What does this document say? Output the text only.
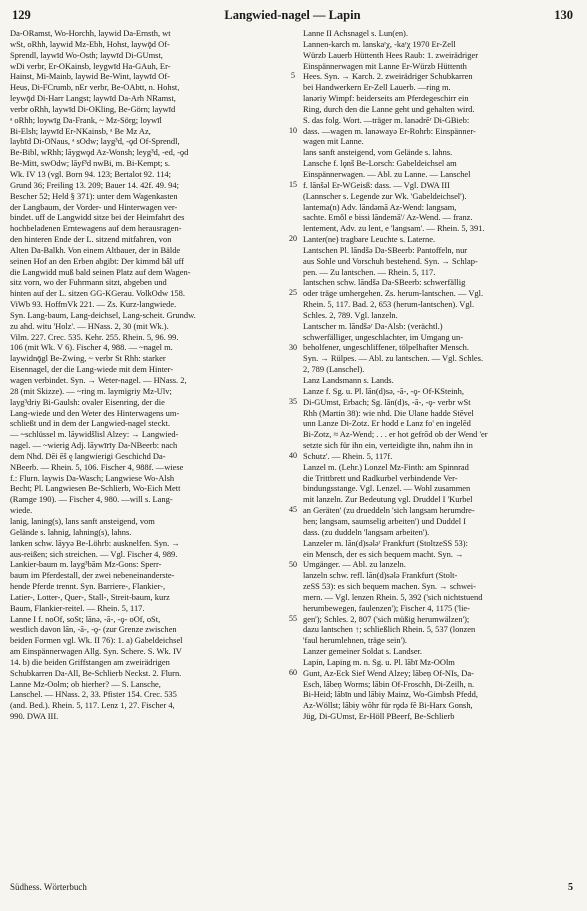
129	Langwied-nagel — Lapin	130
Da-ORamst, Wo-Horchh, laywid Da-Ernsth, wt
wSt, oRhh, laywid Mz-Ebh, Hohst, laywǭd Of-
Sprendl, laywīd Wo-Osth; laywīd Di-GUmst,
wDi verbr, Er-OKainsb, leygwīd Ha-GAuh, Er-
Hainst, Mi-Mainb, laywid Be-Wint, laywīd Of-
Heus, Di-FCrumb, nEr verbr, Be-OAbtt, n. Hohst,
leywǭd Di-Harr Langst; laywīd Da-Arh NRamst,
verbr oRhh, laywīd Di-OKling, Be-Görn; laywīd
ᵃ oRhh; loywīg Da-Frank, ~ Mz-Sörg; loywīl
Bi-Elsh; laywīd Er-NKainsb, ᵃ Be Mz Az,
laybīd Di-ONaus, ᵃ sOdw; layg³d, -ǫd Of-Sprendl,
Be-Bibl, wRhh; lāygwǫd Az-Wonsh; leyg³d, -ed, -ǫd
Be-Mitt, swOdw; lāyf³d nwBi, m. Bi-Kempt; s.
Wk. IV 13 (vgl. Born 94. 123; Bertalot 92. 114;
Grund 36; Freiling 13. 209; Bauer 14. 42f. 49. 94;
Bescher 52; Held § 371): unter dem Wagenkasten
der Langbaum, der Vorder- und Hinterwagen ver-
bindet. uff de Langwidd sitze bei der Heimfahrt des
hochbeladenen Erntewagens auf dem herausragen-
den hinteren Ende der L. sitzend mitfahren, von
Alten Da-Balkh. Von einem Altbauer, der in Bälde
seinen Hof an den Erben abgibt: Der kimmd bâl uff
die Langwidd muß bald seinen Platz auf dem Wagen-
sitz vorn, wo der Fuhrmann sitzt, abgeben und
hinten auf der L. sitzen GG-KGerau. VolkOdw 158.
ViWb 93. HoffmVk 221. — Zs. Kurz-langwiede.
Syn. Lang-baum, Lang-deichsel, Lang-scheit. Grundw.
zu ahd. witu 'Holz'. — HNass. 2, 30 (mit Wk.).
Vilm. 227. Crec. 535. Kehr. 255. Rhein. 5, 96. 99.
106 (mit Wk. V 6). Fischer 4, 988. — ~nagel m.
laywidnǭgl Be-Zwing, ~ verbr St Rhh: starker
Eisennagel, der die Lang-wiede mit dem Hinter-
wagen verbindet. Syn. → Weter-nagel. — HNass. 2,
28 (mit Skizze). — ~ring m. laymigriy Mz-Ulv;
layg³driy Bi-Gaulsh: ovaler Eisenring, der die
Lang-wiede und den Weter des Hinterwagens um-
schließt und in dem der Langwied-nagel steckt.
— ~schlüssel m. lāywidšlisl Alzey: → Langwied-
nagel. — ~wierig Adj. lāywīrīy Da-NBeerb: nach
dem Nhd. Dēi ēš ę langwierigi Geschichd Da-
NBeerb. — Rhein. 5, 106. Fischer 4, 988f. —wiese
f.: Flurn. laywis Da-Wasch; Langwiese Wo-Alsh
Becht; Pl. Langwiesen Be-Schlierb, Wo-Eich Mett
(Ramge 190). — Fischer 4, 980. —will s. Lang-
wiede.
lanig, laning(s), lans sanft ansteigend, vom
Gelände s. lahnig, lahning(s), lahns.
lanken schw. lāyyə Be-Löhrb: ausknelfen. Syn. →
aus-reißen; sich streichen. — Vgl. Fischer 4, 989.
Lankier-baum m. layg³bām Mz-Gons: Sperr-
baum im Pferdestall, der zwei nebeneinanderste-
hende Pferde trennt. Syn. Barriere-, Flankier-,
Latier-, Lotter-, Quer-, Stall-, Streit-baum, kurz
Baum, Flankier-reitel. — Rhein. 5, 117.
Lanne I f. noOf, soSt; lānə, -ā-, -ǫ- oOf, oSt,
westlich davon lān, -ā-, -ǫ- (zur Grenze zwischen
beiden Formen vgl. Wk. II 76): 1. a) Gabeldeichsel
am Einspännerwagen Allg. Syn. Schere. S. Wk. IV
14. b) die beiden Griffstangen am zweirädrigen
Schubkarren Da-All, Be-Schlierb Neckst. 2. Flurn.
Lanne Mz-Oolm; ob hierher? — S. Lansche,
Lanschel. — HNass. 2, 33. Pfister 154. Crec. 535
(and. Bed.). Rhein. 5, 117. Lenz 1, 27. Fischer 4,
990. DWA III.
5
10
15
20
25
30
35
40
45
50
55
60
Lanne II Achsnagel s. Lun(en).
Lannen-karch m. lanskaʳχ, -kaʳχ 1970 Er-Zell
Würzb Lauerb Hüttenth Hees Raub: 1. zweirädriger
Einspännerwagen mit Lanne Er-Würzb Hüttenth
Hees. Syn. → Karch. 2. zweirädriger Schubkarren
bei Handwerkern Er-Zell Lauerb. —ring m.
lanəriy Wimpf: beiderseits am Pferdegeschirr ein
Ring, durch den die Lanne geht und gehalten wird.
S. das folg. Wort. —träger m. lanədrēʳ Di-GBieb:
dass. —wagen m. lanəwayə Er-Rohrb: Einspänner-
wagen mit Lanne.
lans sanft ansteigend, vom Gelände s. lahns.
Lansche f. lǫnš Be-Lorsch: Gabeldeichsel am
Einspännerwagen. — Abl. zu Lanne. — Lanschel
f. lānšǝl Er-WGeisß: dass. — Vgl. DWA III
(Lannscher s. Legende zur Wk. 'Gabeldeichsel').
lantema(n) Adv. lāndǝmā Az-Wend: langsam,
sachte. Emǒl e bissi lāndemā'/ Az-Wend. — franz.
lentement, Adv. zu lent, e 'langsam'. — Rhein. 5, 391.
Lanter(ne) tragbare Leuchte s. Laterne.
Lantschen Pl. lāndšə Da-SBeerb: Pantoffeln, nur
aus Sohle und Vorschuh bestehend. Syn. → Schlap-
pen. — Zu lantschen. — Rhein. 5, 117.
lantschen schw. lāndšə Da-SBeerb: schwerfällig
oder träge umhergehen. Zs. herum-lantschen. — Vgl.
Rhein. 5, 117. Bad. 2, 653 (herum-lantschen). Vgl.
Schles. 2, 789. Vgl. lanzeln.
Lantscher m. lāndšǝʳ Da-Alsb: (verächtl.)
schwerfälliger, ungeschlachter, im Umgang un-
beholfener, ungeschliffener, tölpelhafter Mensch.
Syn. → Rülpes. — Abl. zu lantschen. — Vgl. Schles.
2, 789 (Lanschel).
Lanz Landsmann s. Lands.
Lanze f. Sg. u. Pl. lān(d)sə, -ā-, -ǫ- Of-KSteinh,
Di-GUmst, Erbach; Sg. lān(d)s, -ā-, -ǫ- verbr wSt
Rhh (Martin 38): wie nhd. Die Ulane hadde Stēvel
unn Lanze Di-Zotz. Er hodd e Lanz fo' en ingelēd
Bi-Zotz, ≈ Az-Wend; . . . er hot gefrōd ob der Wend 'er
setzte sich für ihn ein, verteidigte ihn, nahm ihn in
Schutz'. — Rhein. 5, 117f.
Lanzel m. (Lehr.) Lonzel Mz-Finth: am Spinnrad
die Trittbrett und Radkurbel verbindende Ver-
bindungsstange. Vgl. Lenzel. — Wohl zusammen
mit lanzeln. Zur Bedeutung vgl. Druddel I 'Kurbel
an Geräten' (zu drueddeln 'sich langsam herumdre-
hen; langsam, saumselig arbeiten') und Duddel I
dass. (zu duddeln 'langsam arbeiten').
Lanzeler m. lān(d)sǝlǝʳ Frankfurt (StoltzeSS 53):
ein Mensch, der es sich bequem macht. Syn. →
Umgänger. — Abl. zu lanzeln.
lanzeln schw. refl. lān(d)sǝlǝ Frankfurt (Stolt-
zeSS 53): es sich bequem machen. Syn. → schwei-
mern. — Vgl. lenzen Rhein. 5, 392 ('sich nichtstuend
herumbewegen, faulenzen'); Fischer 4, 1175 ('lie-
gen'); Schles. 2, 807 ('sich müßig herumwälzen');
dazu lantschen ↑; schließlich Rhein. 5, 537 (lonzen
'faul herumlehnen, träge sein').
Lanzer gemeiner Soldat s. Landser.
Lapin, Laping m. n. Sg. u. Pl. lābī Mz-OOlm
Gunt, Az-Eck Sief Wend Alzey; lābeņ Of-NIs, Da-
Esch, lābeņ Worms; lābin Of-Froschh, Di-Zeilh, n.
Bi-Heid; lābīn und lābiy Mainz, Wo-Gimbsh Pfedd,
Az-Wöllst; lābiy wŏhr für rǫdǝ fĕ Bi-Harx Gonsh,
Jüg, Di-GUmst, Er-Höll PBeerf, Be-Schlierb
Südhess. Wörterbuch	5
